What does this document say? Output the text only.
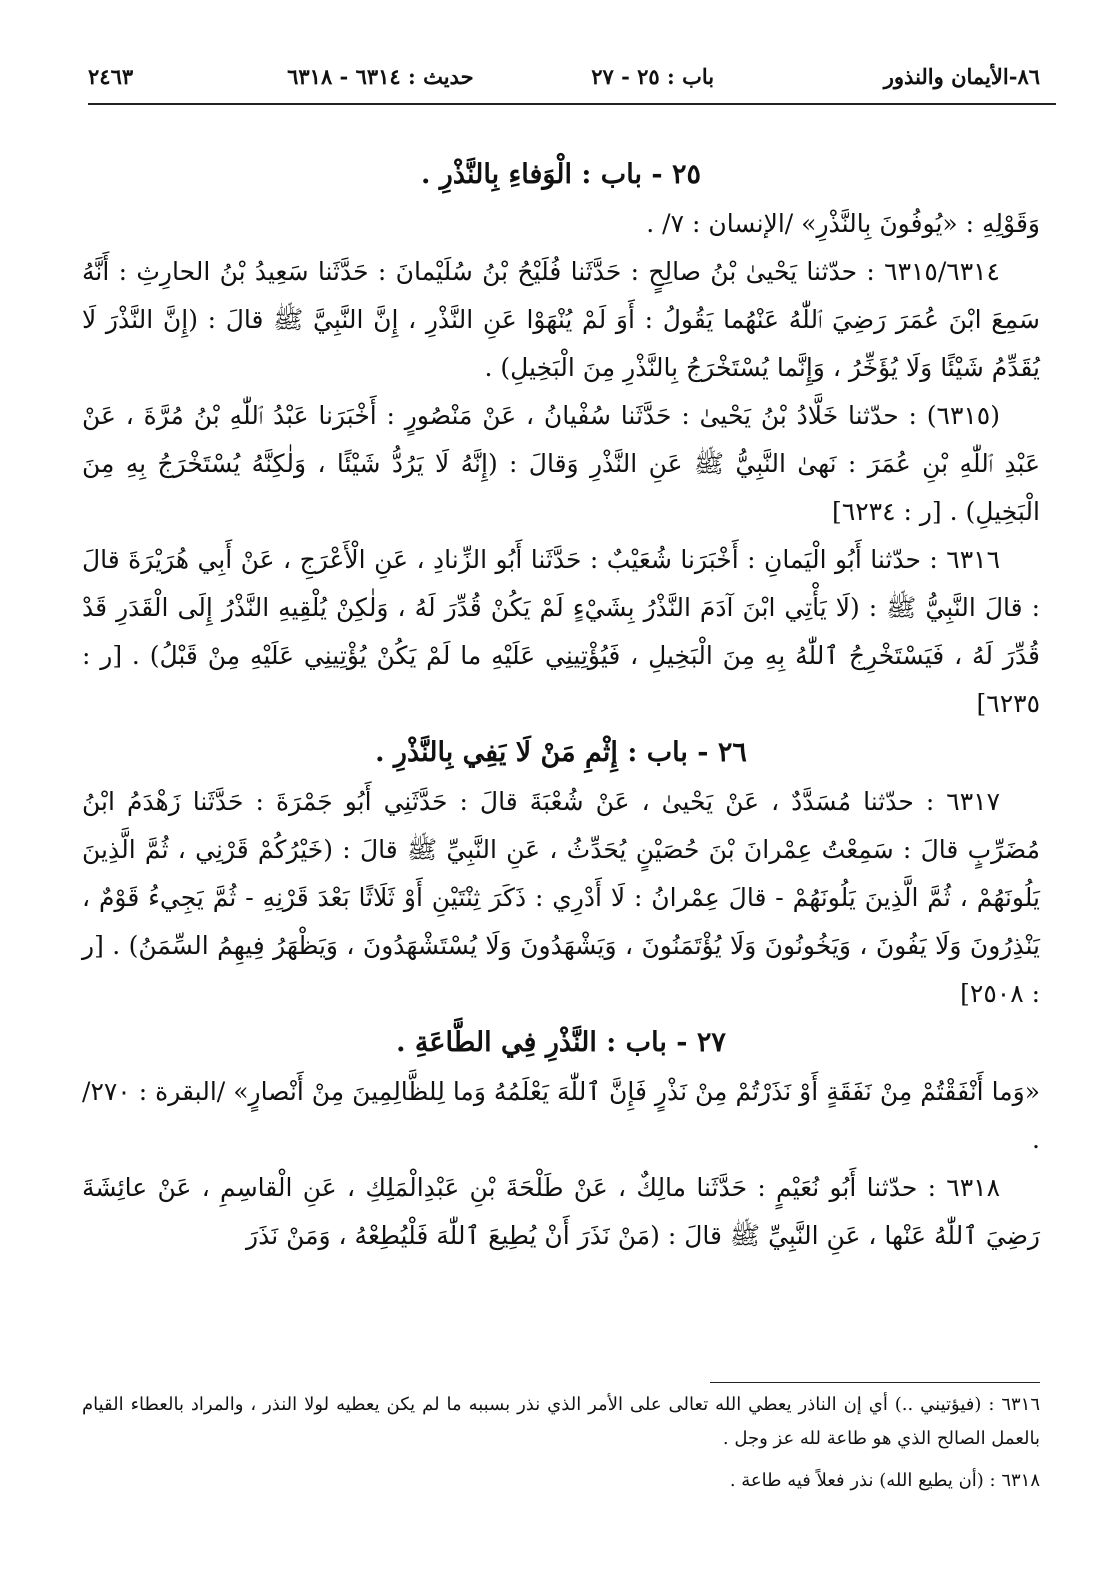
٨٦-الأيمان والنذور
باب : ٢٥ - ٢٧
حديث : ٦٣١٤ - ٦٣١٨
٢٤٦٣

٢٥ - باب : الْوَفاءِ بِالنَّذْرِ .

وَقَوْلِهِ : «يُوفُونَ بِالنَّذْرِ» /الإنسان : ٧/ .

٦٣١٥/٦٣١٤ : حدّثنا يَحْيىٰ بْنُ صالِحٍ : حَدَّثَنا فُلَيْحُ بْنُ سُلَيْمانَ : حَدَّثَنا سَعِيدُ بْنُ الحارِثِ : أَنَّهُ سَمِعَ ابْنَ عُمَرَ رَضِيَ ٱللّٰهُ عَنْهُما يَقُولُ : أَوَ لَمْ يُنْهَوْا عَنِ النَّذْرِ ، إِنَّ النَّبِيَّ ﷺ قالَ : (إِنَّ النَّذْرَ لَا يُقَدِّمُ شَيْئًا وَلَا يُؤَخِّرُ ، وَإِنَّما يُسْتَخْرَجُ بِالنَّذْرِ مِنَ الْبَخِيلِ) .

(٦٣١٥) : حدّثنا خَلَّادُ بْنُ يَحْيىٰ : حَدَّثَنا سُفْيانُ ، عَنْ مَنْصُورٍ : أَخْبَرَنا عَبْدُ ٱللّٰهِ بْنُ مُرَّةَ ، عَنْ عَبْدِ ٱللّٰهِ بْنِ عُمَرَ : نَهىٰ النَّبِيُّ ﷺ عَنِ النَّذْرِ وَقالَ : (إِنَّهُ لَا يَرُدُّ شَيْئًا ، وَلٰكِنَّهُ يُسْتَخْرَجُ بِهِ مِنَ الْبَخِيلِ) . [ر : ٦٢٣٤]

٦٣١٦ : حدّثنا أَبُو الْيَمانِ : أَخْبَرَنا شُعَيْبٌ : حَدَّثَنا أَبُو الزِّنادِ ، عَنِ الْأَعْرَجِ ، عَنْ أَبِي هُرَيْرَةَ قالَ : قالَ النَّبِيُّ ﷺ : (لَا يَأْتِي ابْنَ آدَمَ النَّذْرُ بِشَيْءٍ لَمْ يَكُنْ قُدِّرَ لَهُ ، وَلٰكِنْ يُلْقِيهِ النَّذْرُ إِلَى الْقَدَرِ قَدْ قُدِّرَ لَهُ ، فَيَسْتَخْرِجُ ٱللّٰهُ بِهِ مِنَ الْبَخِيلِ ، فَيُؤْتِينِي عَلَيْهِ ما لَمْ يَكُنْ يُؤْتِينِي عَلَيْهِ مِنْ قَبْلُ) . [ر : ٦٢٣٥]

٢٦ - باب : إِثْمِ مَنْ لَا يَفِي بِالنَّذْرِ .

٦٣١٧ : حدّثنا مُسَدَّدٌ ، عَنْ يَحْيىٰ ، عَنْ شُعْبَةَ قالَ : حَدَّثَنِي أَبُو جَمْرَةَ : حَدَّثَنا زَهْدَمُ ابْنُ مُضَرِّبٍ قالَ : سَمِعْتُ عِمْرانَ بْنَ حُصَيْنٍ يُحَدِّثُ ، عَنِ النَّبِيِّ ﷺ قالَ : (خَيْرُكُمْ قَرْنِي ، ثُمَّ الَّذِينَ يَلُونَهُمْ ، ثُمَّ الَّذِينَ يَلُونَهُمْ - قالَ عِمْرانُ : لَا أَدْرِي : ذَكَرَ ثِنْتَيْنِ أَوْ ثَلَاثًا بَعْدَ قَرْنِهِ - ثُمَّ يَجِيءُ قَوْمٌ ، يَنْذِرُونَ وَلَا يَفُونَ ، وَيَخُونُونَ وَلَا يُؤْتَمَنُونَ ، وَيَشْهَدُونَ وَلَا يُسْتَشْهَدُونَ ، وَيَظْهَرُ فِيهِمُ السِّمَنُ) . [ر : ٢٥٠٨]

٢٧ - باب : النَّذْرِ فِي الطَّاعَةِ .

«وَما أَنْفَقْتُمْ مِنْ نَفَقَةٍ أَوْ نَذَرْتُمْ مِنْ نَذْرٍ فَإِنَّ ٱللّٰهَ يَعْلَمُهُ وَما لِلظَّالِمِينَ مِنْ أَنْصارٍ» /البقرة : ٢٧٠/ .

٦٣١٨ : حدّثنا أَبُو نُعَيْمٍ : حَدَّثَنا مالِكٌ ، عَنْ طَلْحَةَ بْنِ عَبْدِالْمَلِكِ ، عَنِ الْقاسِمِ ، عَنْ عائِشَةَ رَضِيَ ٱللّٰهُ عَنْها ، عَنِ النَّبِيِّ ﷺ قالَ : (مَنْ نَذَرَ أَنْ يُطِيعَ ٱللّٰهَ فَلْيُطِعْهُ ، وَمَنْ نَذَرَ

٦٣١٦ : (فيؤتيني ..) أي إن الناذر يعطي الله تعالى على الأمر الذي نذر بسببه ما لم يكن يعطيه لولا النذر ، والمراد بالعطاء القيام بالعمل الصالح الذي هو طاعة لله عز وجل .

٦٣١٨ : (أن يطيع الله) نذر فعلاً فيه طاعة .
